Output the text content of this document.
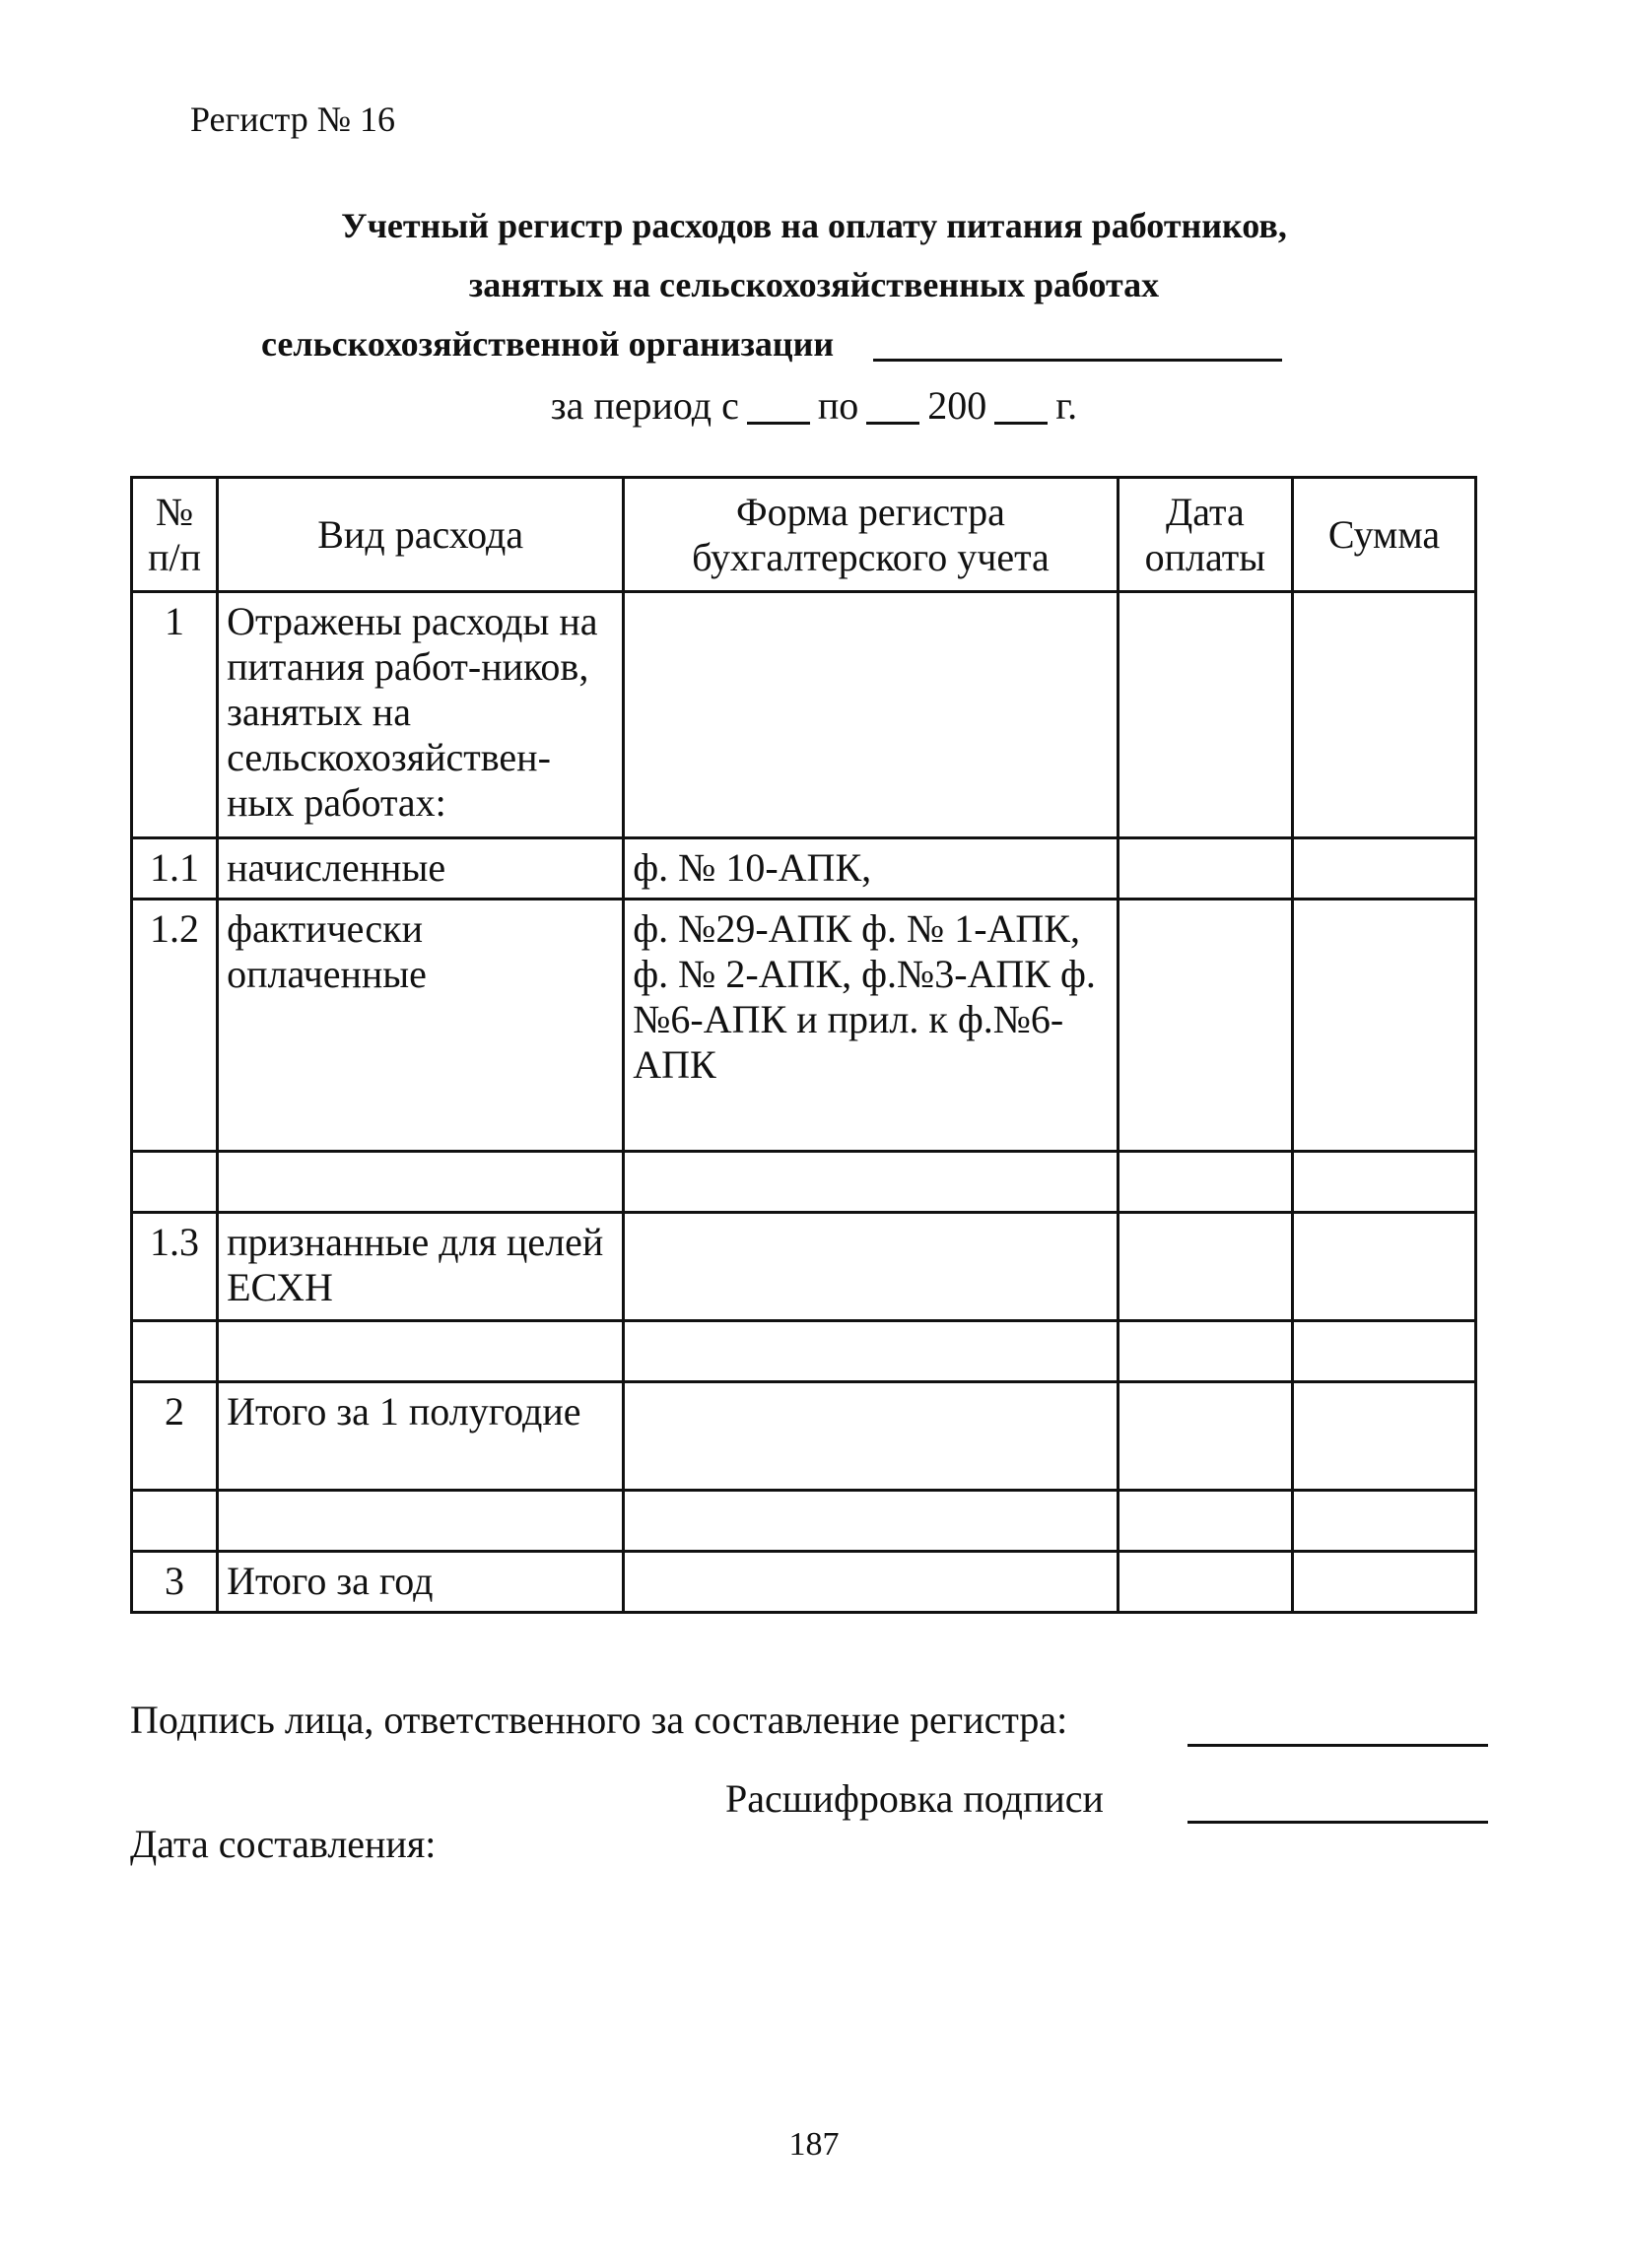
Регистр № 16
Учетный регистр расходов на оплату питания работников,
занятых на сельскохозяйственных работах
сельскохозяйственной организации
за период с по 200 г.
№ п/п	Вид расхода	Форма регистра бухгалтерского учета	Дата оплаты	Сумма
1	Отражены расходы на питания работ-ников, занятых на сельскохозяйствен-ных работах:			
1.1	начисленные	ф. № 10-АПК,		
1.2	фактически оплаченные	ф. №29-АПК ф. № 1-АПК, ф. № 2-АПК, ф.№3-АПК ф. №6-АПК и прил. к ф.№6-АПК		

1.3	признанные для целей ЕСХН			

2	Итого за 1 полугодие			

3	Итого за год			
Подпись лица, ответственного за составление регистра:
Расшифровка подписи
Дата составления:
187
